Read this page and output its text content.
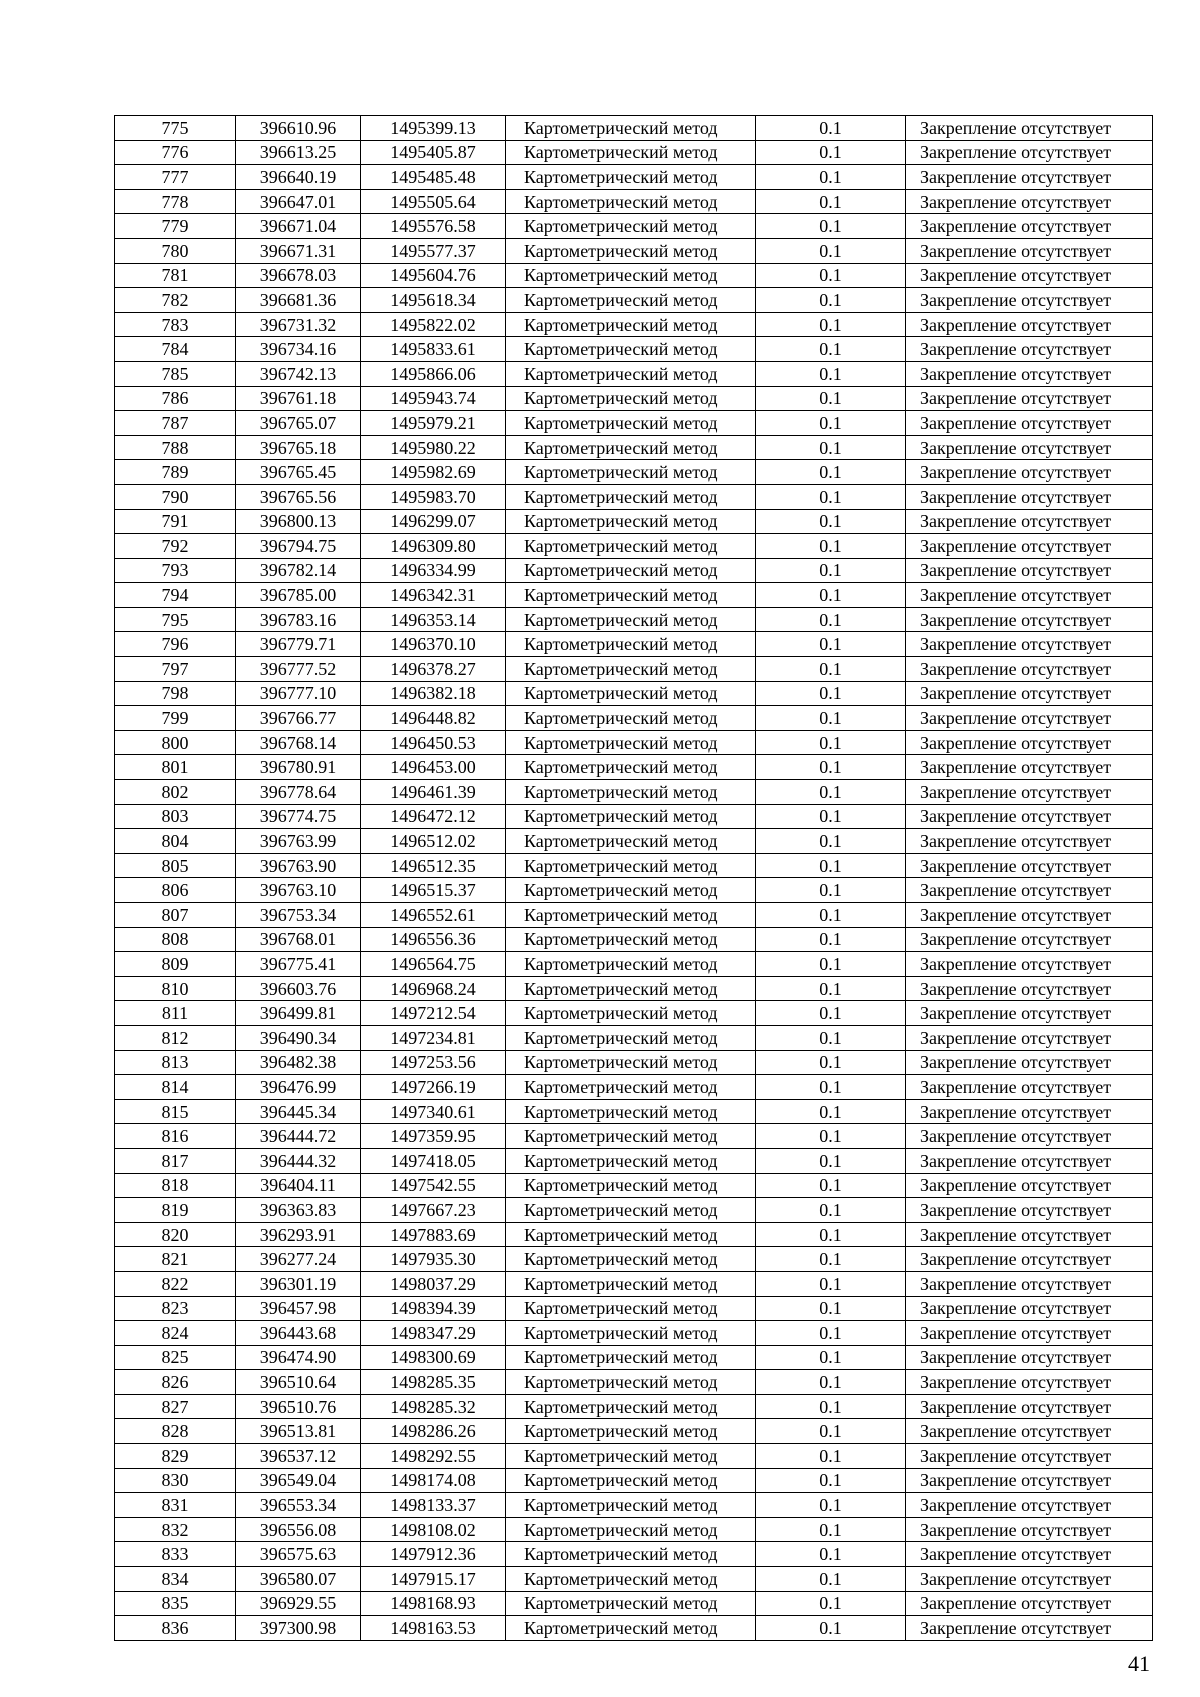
775	396610.96	1495399.13	Картометрический метод	0.1	Закрепление отсутствует
776	396613.25	1495405.87	Картометрический метод	0.1	Закрепление отсутствует
777	396640.19	1495485.48	Картометрический метод	0.1	Закрепление отсутствует
778	396647.01	1495505.64	Картометрический метод	0.1	Закрепление отсутствует
779	396671.04	1495576.58	Картометрический метод	0.1	Закрепление отсутствует
780	396671.31	1495577.37	Картометрический метод	0.1	Закрепление отсутствует
781	396678.03	1495604.76	Картометрический метод	0.1	Закрепление отсутствует
782	396681.36	1495618.34	Картометрический метод	0.1	Закрепление отсутствует
783	396731.32	1495822.02	Картометрический метод	0.1	Закрепление отсутствует
784	396734.16	1495833.61	Картометрический метод	0.1	Закрепление отсутствует
785	396742.13	1495866.06	Картометрический метод	0.1	Закрепление отсутствует
786	396761.18	1495943.74	Картометрический метод	0.1	Закрепление отсутствует
787	396765.07	1495979.21	Картометрический метод	0.1	Закрепление отсутствует
788	396765.18	1495980.22	Картометрический метод	0.1	Закрепление отсутствует
789	396765.45	1495982.69	Картометрический метод	0.1	Закрепление отсутствует
790	396765.56	1495983.70	Картометрический метод	0.1	Закрепление отсутствует
791	396800.13	1496299.07	Картометрический метод	0.1	Закрепление отсутствует
792	396794.75	1496309.80	Картометрический метод	0.1	Закрепление отсутствует
793	396782.14	1496334.99	Картометрический метод	0.1	Закрепление отсутствует
794	396785.00	1496342.31	Картометрический метод	0.1	Закрепление отсутствует
795	396783.16	1496353.14	Картометрический метод	0.1	Закрепление отсутствует
796	396779.71	1496370.10	Картометрический метод	0.1	Закрепление отсутствует
797	396777.52	1496378.27	Картометрический метод	0.1	Закрепление отсутствует
798	396777.10	1496382.18	Картометрический метод	0.1	Закрепление отсутствует
799	396766.77	1496448.82	Картометрический метод	0.1	Закрепление отсутствует
800	396768.14	1496450.53	Картометрический метод	0.1	Закрепление отсутствует
801	396780.91	1496453.00	Картометрический метод	0.1	Закрепление отсутствует
802	396778.64	1496461.39	Картометрический метод	0.1	Закрепление отсутствует
803	396774.75	1496472.12	Картометрический метод	0.1	Закрепление отсутствует
804	396763.99	1496512.02	Картометрический метод	0.1	Закрепление отсутствует
805	396763.90	1496512.35	Картометрический метод	0.1	Закрепление отсутствует
806	396763.10	1496515.37	Картометрический метод	0.1	Закрепление отсутствует
807	396753.34	1496552.61	Картометрический метод	0.1	Закрепление отсутствует
808	396768.01	1496556.36	Картометрический метод	0.1	Закрепление отсутствует
809	396775.41	1496564.75	Картометрический метод	0.1	Закрепление отсутствует
810	396603.76	1496968.24	Картометрический метод	0.1	Закрепление отсутствует
811	396499.81	1497212.54	Картометрический метод	0.1	Закрепление отсутствует
812	396490.34	1497234.81	Картометрический метод	0.1	Закрепление отсутствует
813	396482.38	1497253.56	Картометрический метод	0.1	Закрепление отсутствует
814	396476.99	1497266.19	Картометрический метод	0.1	Закрепление отсутствует
815	396445.34	1497340.61	Картометрический метод	0.1	Закрепление отсутствует
816	396444.72	1497359.95	Картометрический метод	0.1	Закрепление отсутствует
817	396444.32	1497418.05	Картометрический метод	0.1	Закрепление отсутствует
818	396404.11	1497542.55	Картометрический метод	0.1	Закрепление отсутствует
819	396363.83	1497667.23	Картометрический метод	0.1	Закрепление отсутствует
820	396293.91	1497883.69	Картометрический метод	0.1	Закрепление отсутствует
821	396277.24	1497935.30	Картометрический метод	0.1	Закрепление отсутствует
822	396301.19	1498037.29	Картометрический метод	0.1	Закрепление отсутствует
823	396457.98	1498394.39	Картометрический метод	0.1	Закрепление отсутствует
824	396443.68	1498347.29	Картометрический метод	0.1	Закрепление отсутствует
825	396474.90	1498300.69	Картометрический метод	0.1	Закрепление отсутствует
826	396510.64	1498285.35	Картометрический метод	0.1	Закрепление отсутствует
827	396510.76	1498285.32	Картометрический метод	0.1	Закрепление отсутствует
828	396513.81	1498286.26	Картометрический метод	0.1	Закрепление отсутствует
829	396537.12	1498292.55	Картометрический метод	0.1	Закрепление отсутствует
830	396549.04	1498174.08	Картометрический метод	0.1	Закрепление отсутствует
831	396553.34	1498133.37	Картометрический метод	0.1	Закрепление отсутствует
832	396556.08	1498108.02	Картометрический метод	0.1	Закрепление отсутствует
833	396575.63	1497912.36	Картометрический метод	0.1	Закрепление отсутствует
834	396580.07	1497915.17	Картометрический метод	0.1	Закрепление отсутствует
835	396929.55	1498168.93	Картометрический метод	0.1	Закрепление отсутствует
836	397300.98	1498163.53	Картометрический метод	0.1	Закрепление отсутствует
41
